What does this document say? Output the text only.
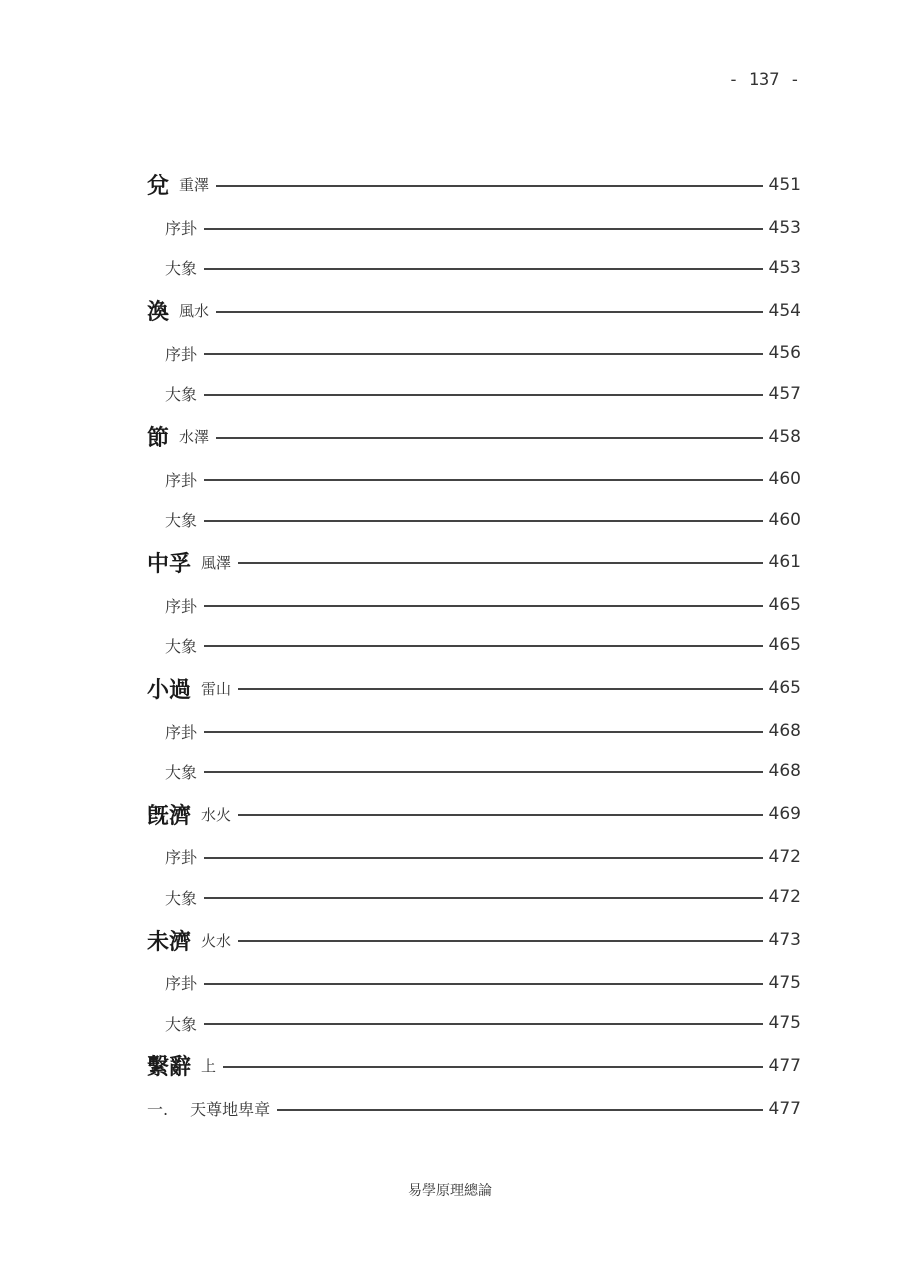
- 137 -
兌 重澤	451
序卦	453
大象	453
渙 風水	454
序卦	456
大象	457
節 水澤	458
序卦	460
大象	460
中孚 風澤	461
序卦	465
大象	465
小過 雷山	465
序卦	468
大象	468
旣濟 水火	469
序卦	472
大象	472
未濟 火水	473
序卦	475
大象	475
繫辭 上	477
一. 天尊地卑章	477
易學原理總論
